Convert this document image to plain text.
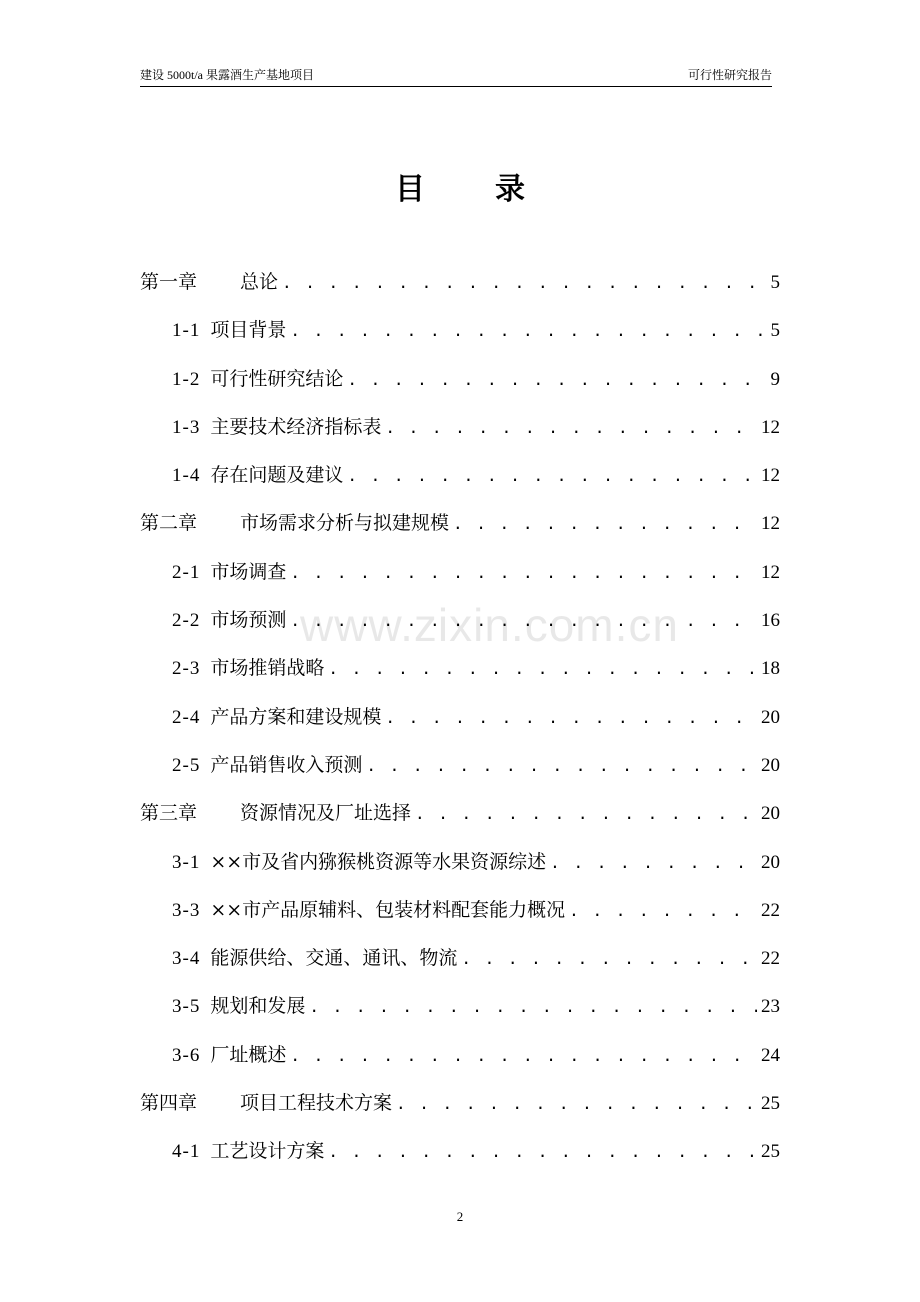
建设 5000t/a 果露酒生产基地项目	可行性研究报告
目录
第一章	总论 . . .	5
1-1 项目背景 . . .	5
1-2 可行性研究结论 . . .	9
1-3 主要技术经济指标表 . . .	12
1-4 存在问题及建议 . . .	12
第二章	市场需求分析与拟建规模 . . .	12
2-1 市场调查 . . .	12
2-2 市场预测 . . .	16
2-3 市场推销战略 . . .	18
2-4 产品方案和建设规模 . . .	20
2-5 产品销售收入预测 . . .	20
第三章	资源情况及厂址选择 . . .	20
3-1 ××市及省内猕猴桃资源等水果资源综述 . . .	20
3-3 ××市产品原辅料、包装材料配套能力概况 . . .	22
3-4 能源供给、交通、通讯、物流 . . .	22
3-5 规划和发展 . . .	23
3-6 厂址概述 . . .	24
第四章	项目工程技术方案 . . .	25
4-1 工艺设计方案 . . .	25
www.zixin.com.cn
2
